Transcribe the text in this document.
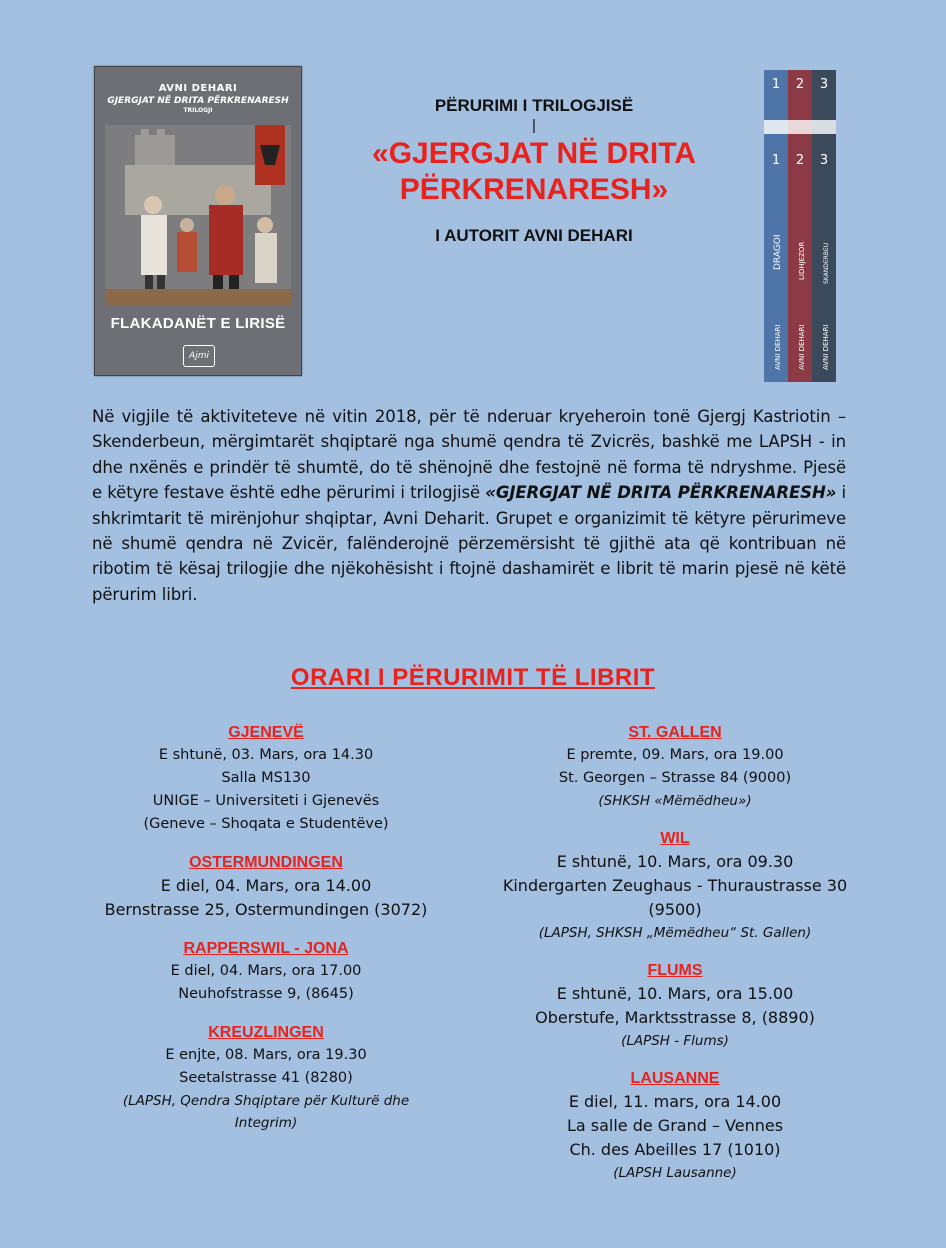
AVNI DEHARI
GJERGJAT NË DRITA PËRKRENARESH
TRILOGJI
FLAKADANËT E LIRISË
Ajmi
PËRURIMI I TRILOGJISË
|
«GJERGJAT NË DRITA
PËRKRENARESH»
I AUTORIT AVNI DEHARI
1
1
DRAGOI
AVNI DEHARI
2
2
LIDHJEZOR
AVNI DEHARI
3
3
SKANDERBEU
AVNI DEHARI
Në vigjile të aktiviteteve në vitin 2018, për të nderuar kryeheroin tonë Gjergj Kastriotin – Skenderbeun, mërgimtarët shqiptarë nga shumë qendra të Zvicrës, bashkë me LAPSH - in dhe nxënës e prindër të shumtë, do të shënojnë dhe festojnë në forma të ndryshme. Pjesë e këtyre festave është edhe përurimi i trilogjisë «GJERGJAT NË DRITA PËRKRENARESH» i shkrimtarit të mirënjohur shqiptar, Avni Deharit. Grupet e organizimit të këtyre përurimeve në shumë qendra në Zvicër, falënderojnë përzemërsisht të gjithë ata që kontribuan në ribotim të kësaj trilogjie dhe njëkohësisht i ftojnë dashamirët e librit të marin pjesë në këtë përurim libri.
ORARI I PËRURIMIT TË LIBRIT
GJENEVË
E shtunë, 03. Mars, ora 14.30
Salla MS130
UNIGE – Universiteti i Gjenevës
(Geneve – Shoqata e Studentëve)
OSTERMUNDINGEN
E diel, 04. Mars, ora 14.00
Bernstrasse 25, Ostermundingen (3072)
RAPPERSWIL - JONA
E diel, 04. Mars, ora 17.00
Neuhofstrasse 9, (8645)
KREUZLINGEN
E enjte, 08. Mars, ora 19.30
Seetalstrasse 41 (8280)
(LAPSH, Qendra Shqiptare për Kulturë dhe
Integrim)
ST. GALLEN
E premte, 09. Mars, ora 19.00
St. Georgen – Strasse 84 (9000)
(SHKSH «Mëmëdheu»)
WIL
E shtunë, 10. Mars, ora 09.30
Kindergarten Zeughaus - Thuraustrasse 30
(9500)
(LAPSH, SHKSH „Mëmëdheu“ St. Gallen)
FLUMS
E shtunë, 10. Mars, ora 15.00
Oberstufe, Marktsstrasse 8, (8890)
(LAPSH - Flums)
LAUSANNE
E diel, 11. mars, ora 14.00
La salle de Grand – Vennes
Ch. des Abeilles 17 (1010)
(LAPSH Lausanne)
